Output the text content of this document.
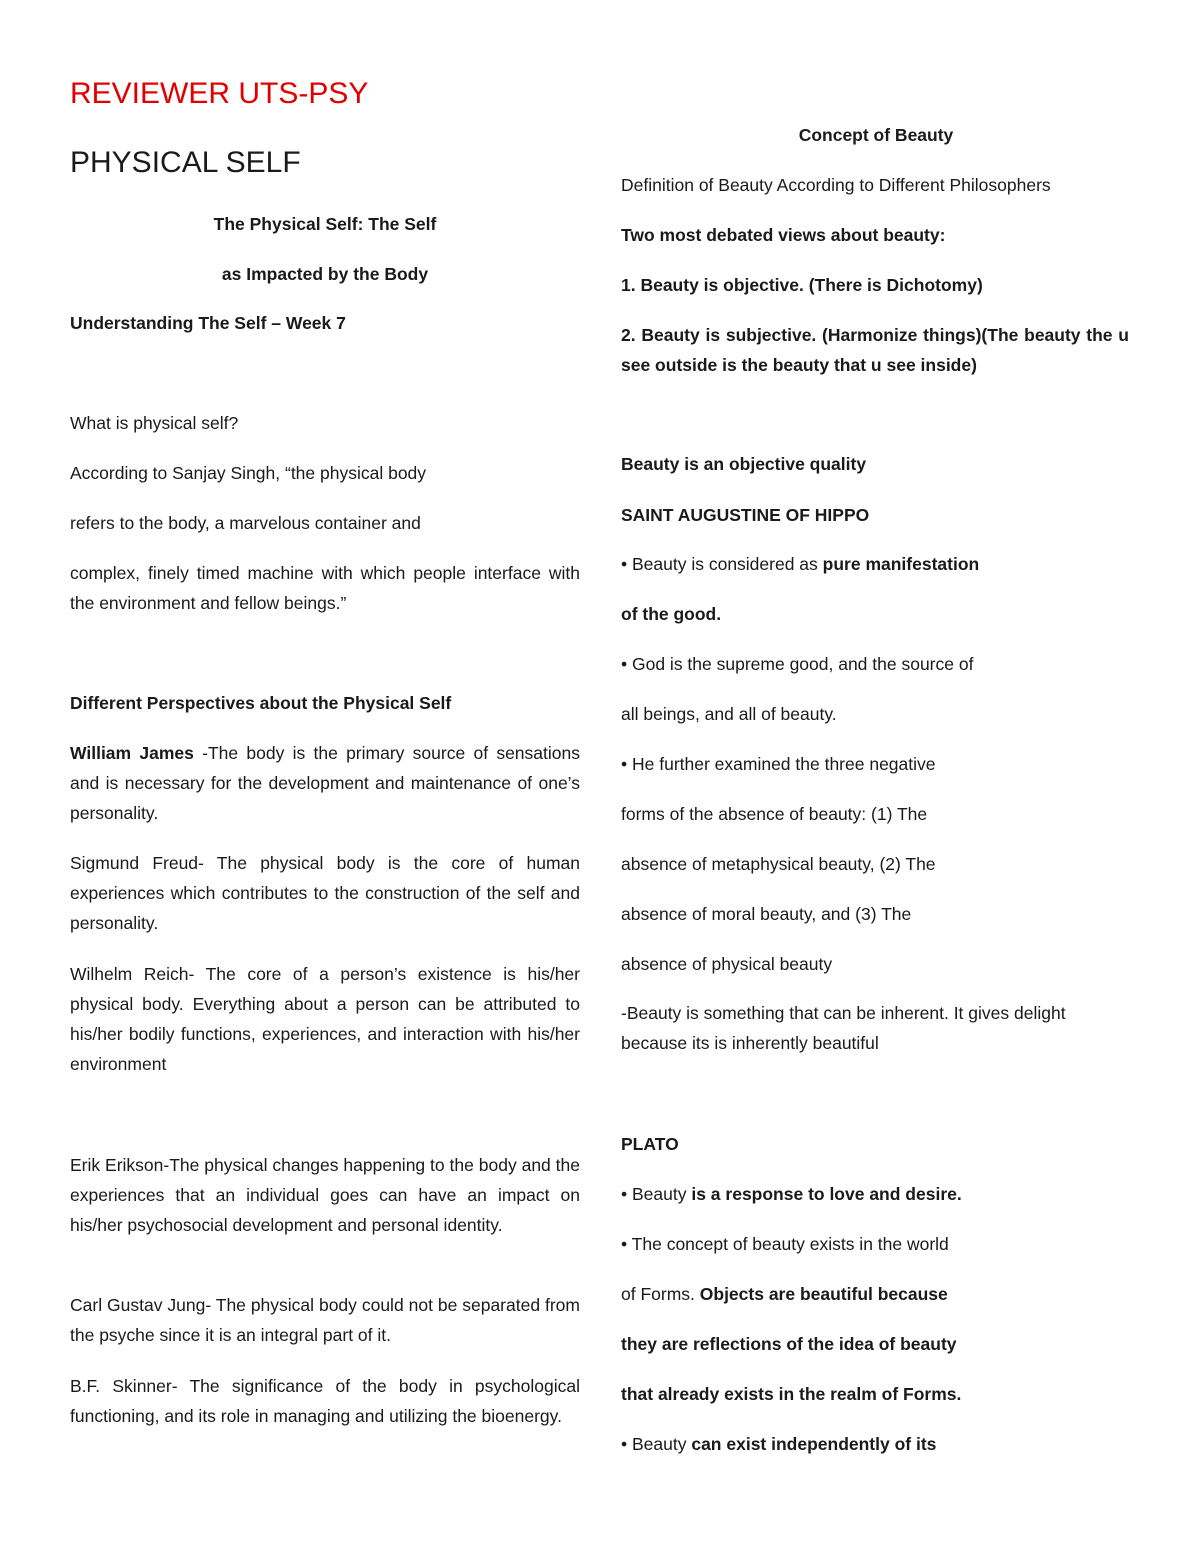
REVIEWER UTS-PSY
PHYSICAL SELF
The Physical Self: The Self
as Impacted by the Body
Understanding The Self – Week 7
What is physical self?
According to Sanjay Singh, “the physical body
refers to the body, a marvelous container and

complex, finely timed machine with which people interface with the environment and fellow beings.”

Different Perspectives about the Physical Self

William James -The body is the primary source of sensations and is necessary for the development and maintenance of one’s personality.

Sigmund Freud- The physical body is the core of human experiences which contributes to the construction of the self and personality.

Wilhelm Reich- The core of a person’s existence is his/her physical body. Everything about a person can be attributed to his/her bodily functions, experiences, and interaction with his/her environment

Erik Erikson-The physical changes happening to the body and the experiences that an individual goes can have an impact on his/her psychosocial development and personal identity.

Carl Gustav Jung- The physical body could not be separated from the psyche since it is an integral part of it.

B.F. Skinner- The significance of the body in psychological functioning, and its role in managing and utilizing the bioenergy.

Concept of Beauty
Definition of Beauty According to Different Philosophers
Two most debated views about beauty:
1. Beauty is objective. (There is Dichotomy)

2. Beauty is subjective. (Harmonize things)(The beauty the u see outside is the beauty that u see inside)

Beauty is an objective quality
SAINT AUGUSTINE OF HIPPO
• Beauty is considered as pure manifestation
of the good.
• God is the supreme good, and the source of
all beings, and all of beauty.
• He further examined the three negative
forms of the absence of beauty: (1) The
absence of metaphysical beauty, (2) The
absence of moral beauty, and (3) The
absence of physical beauty

-Beauty is something that can be inherent. It gives delight because its is inherently beautiful

PLATO
• Beauty is a response to love and desire.
• The concept of beauty exists in the world
of Forms. Objects are beautiful because
they are reflections of the idea of beauty
that already exists in the realm of Forms.
• Beauty can exist independently of its
